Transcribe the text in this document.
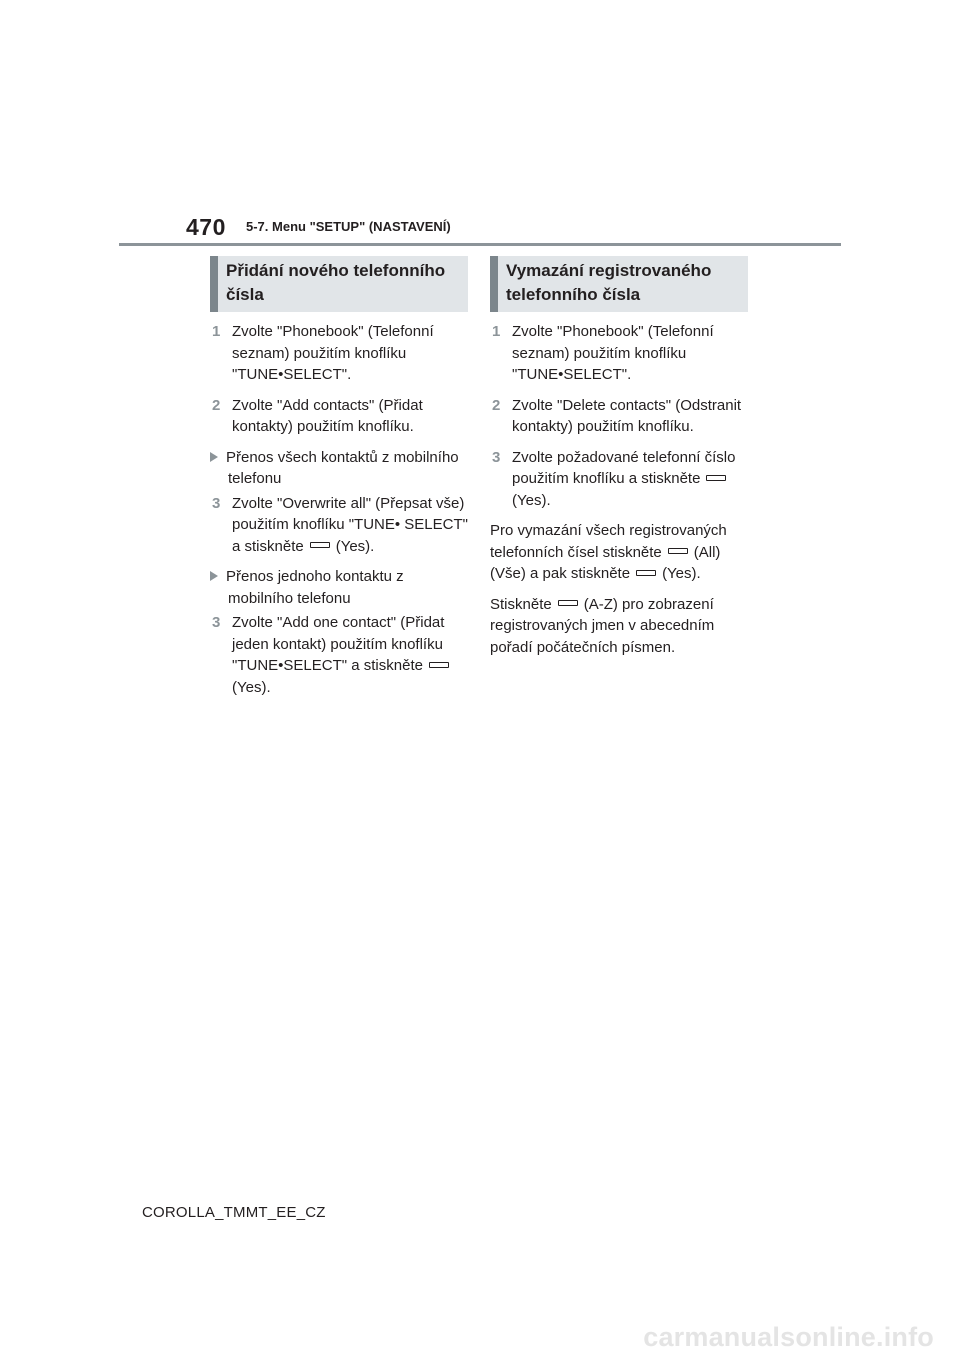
470 5-7. Menu "SETUP" (NASTAVENÍ)
Přidání nového telefonního čísla
1 Zvolte "Phonebook" (Telefonní seznam) použitím knoflíku "TUNE•SELECT".
2 Zvolte "Add contacts" (Přidat kontakty) použitím knoflíku.
Přenos všech kontaktů z mobilního telefonu
3 Zvolte "Overwrite all" (Přepsat vše) použitím knoflíku "TUNE• SELECT" a stiskněte (Yes).
Přenos jednoho kontaktu z mobilního telefonu
3 Zvolte "Add one contact" (Přidat jeden kontakt) použitím knoflíku "TUNE•SELECT" a stiskněte(Yes).
Vymazání registrovaného telefonního čísla
1 Zvolte "Phonebook" (Telefonní seznam) použitím knoflíku "TUNE•SELECT".
2 Zvolte "Delete contacts" (Odstranit kontakty) použitím knoflíku.
3 Zvolte požadované telefonní číslo použitím knoflíku a stiskněte(Yes).
Pro vymazání všech registrovaných telefonních čísel stiskněte (All) (Vše) a pak stiskněte (Yes).
Stiskněte (A-Z) pro zobrazení registrovaných jmen v abecedním pořadí počátečních písmen.
COROLLA_TMMT_EE_CZ
carmanualsonline.info
